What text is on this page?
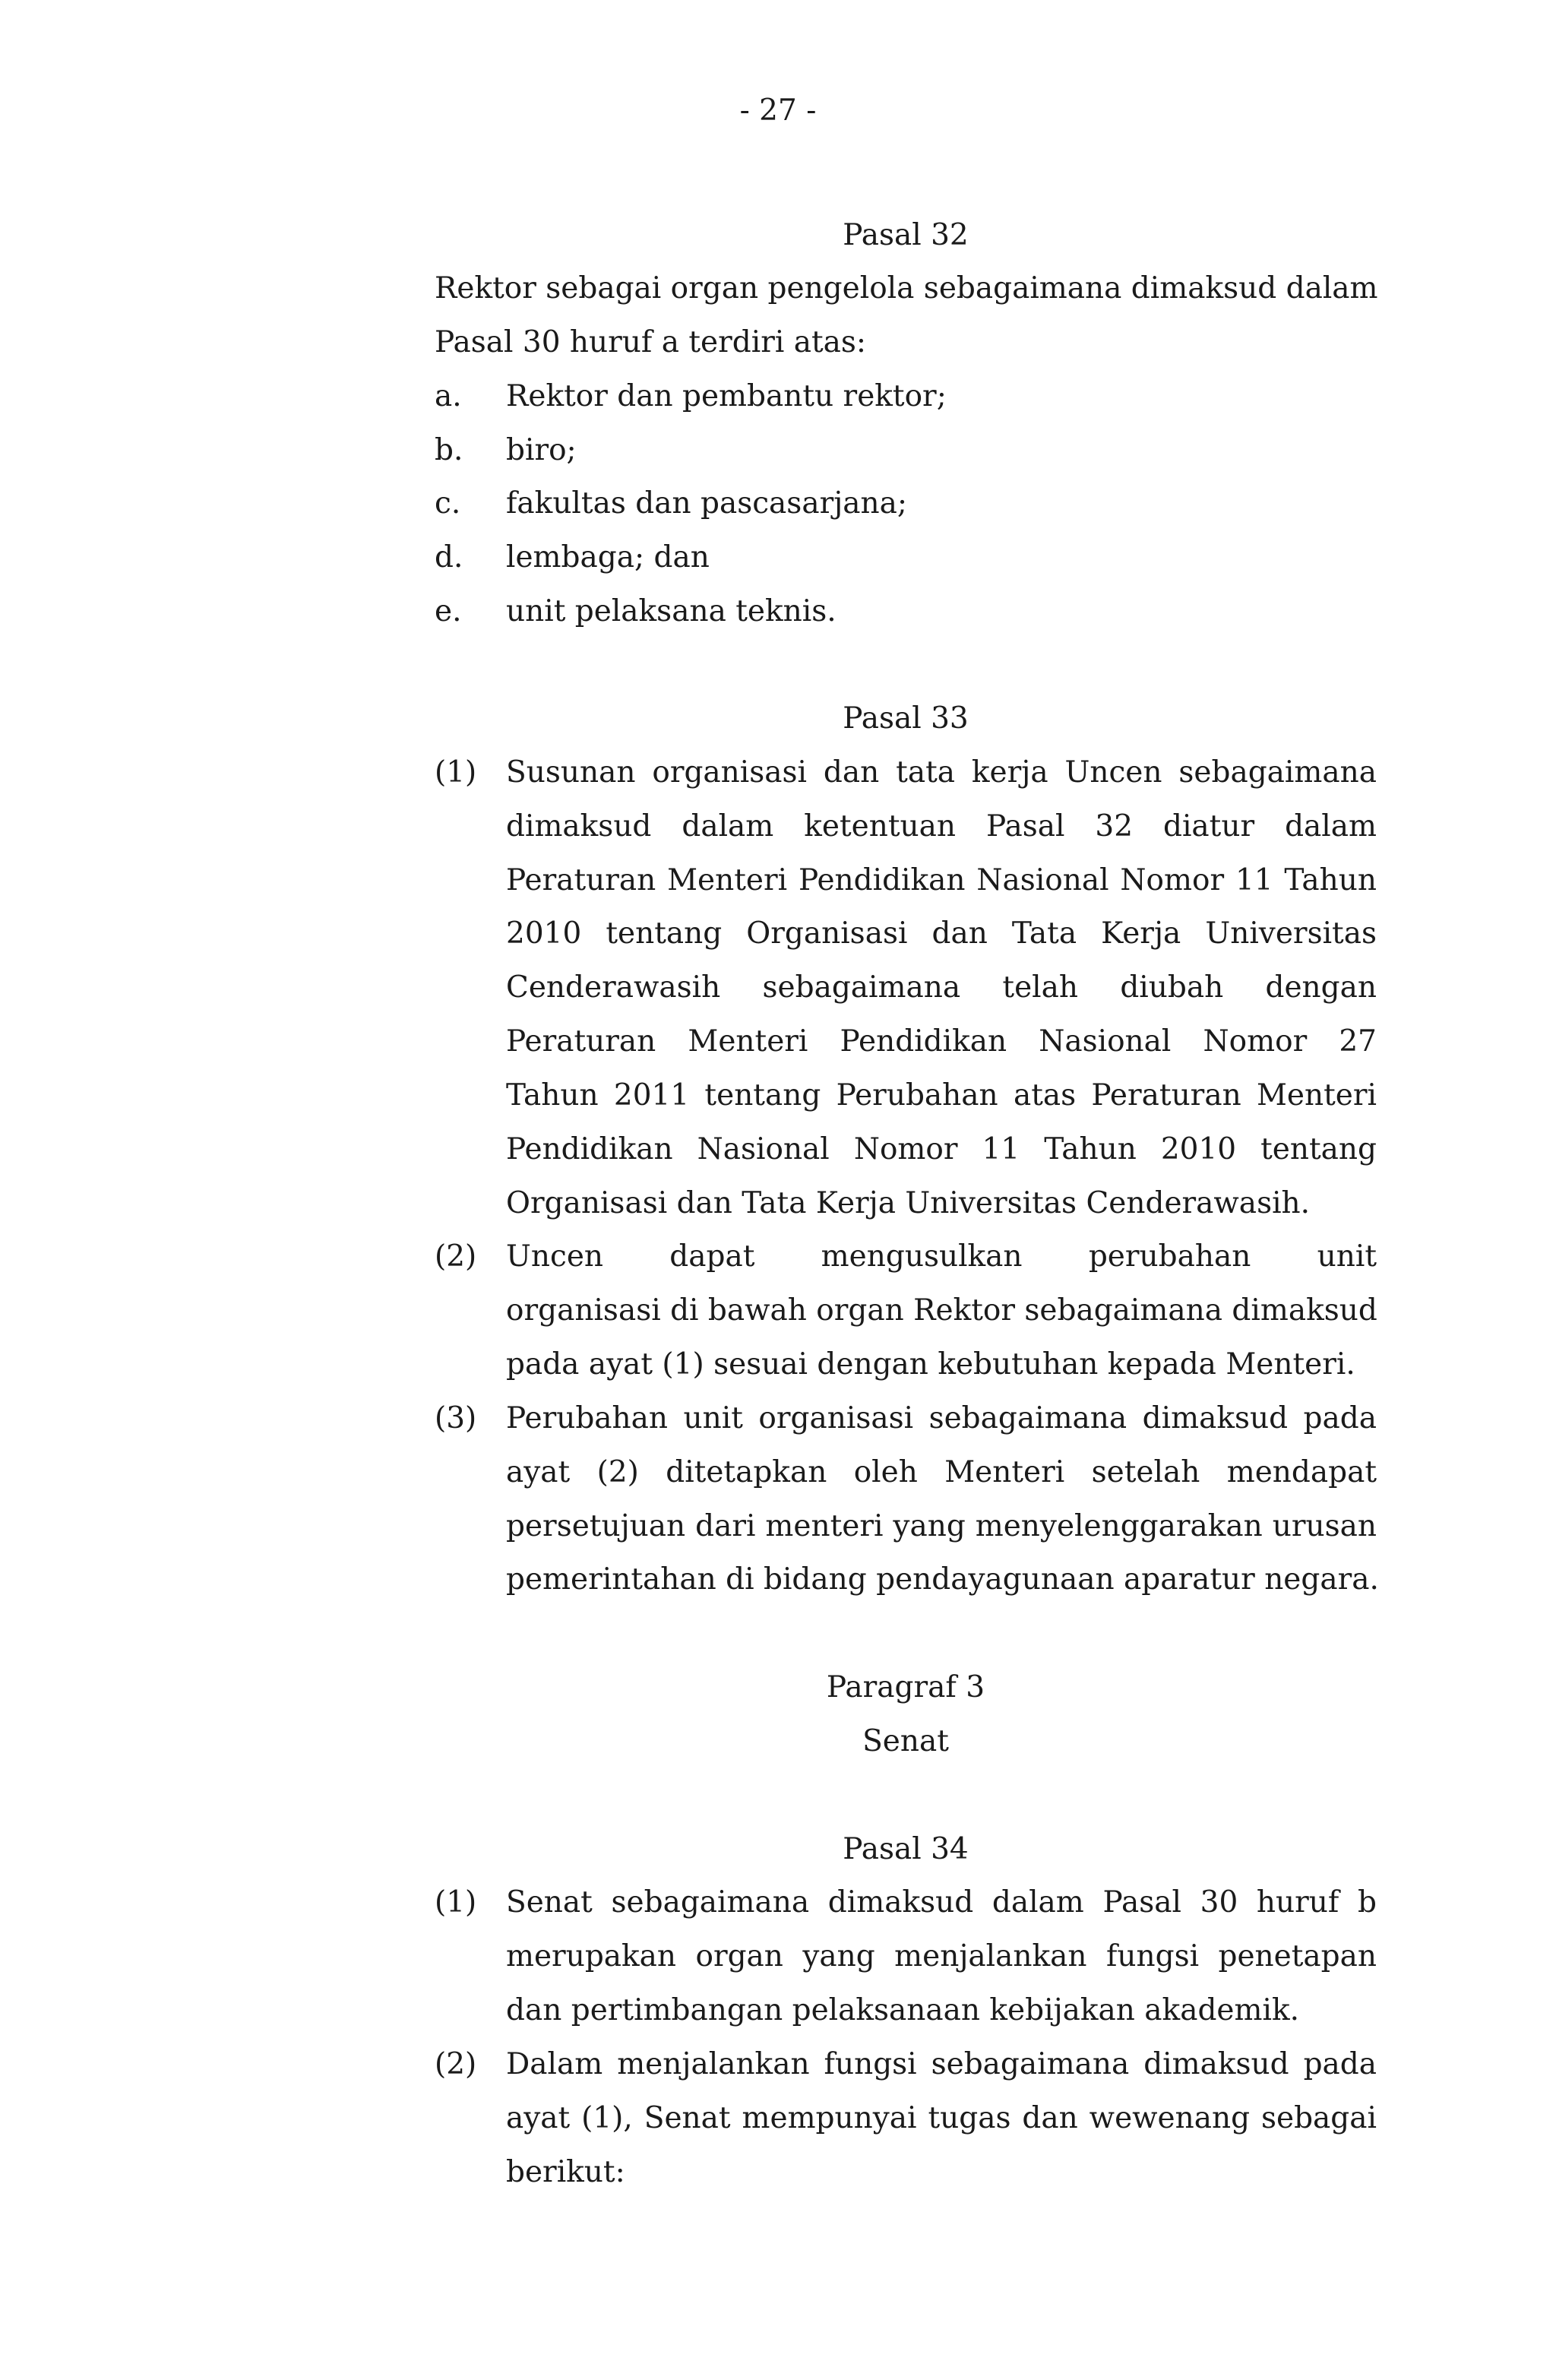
- 27 -
Pasal 32
Rektor sebagai organ pengelola sebagaimana dimaksud dalam
Pasal 30 huruf a terdiri atas:
a.	Rektor dan pembantu rektor;
b.	biro;
c.	fakultas dan pascasarjana;
d.	lembaga; dan
e.	unit pelaksana teknis.
Pasal 33
(1) Susunan organisasi dan tata kerja Uncen sebagaimana
dimaksud dalam ketentuan Pasal 32 diatur dalam
Peraturan Menteri Pendidikan Nasional Nomor 11 Tahun
2010 tentang Organisasi dan Tata Kerja Universitas
Cenderawasih sebagaimana telah diubah dengan
Peraturan Menteri Pendidikan Nasional Nomor 27
Tahun 2011 tentang Perubahan atas Peraturan Menteri
Pendidikan Nasional Nomor 11 Tahun 2010 tentang
Organisasi dan Tata Kerja Universitas Cenderawasih.
(2) Uncen dapat mengusulkan perubahan unit
organisasi di bawah organ Rektor sebagaimana dimaksud
pada ayat (1) sesuai dengan kebutuhan kepada Menteri.
(3) Perubahan unit organisasi sebagaimana dimaksud pada
ayat (2) ditetapkan oleh Menteri setelah mendapat
persetujuan dari menteri yang menyelenggarakan urusan
pemerintahan di bidang pendayagunaan aparatur negara.
Paragraf 3
Senat
Pasal 34
(1) Senat sebagaimana dimaksud dalam Pasal 30 huruf b
merupakan organ yang menjalankan fungsi penetapan
dan pertimbangan pelaksanaan kebijakan akademik.
(2) Dalam menjalankan fungsi sebagaimana dimaksud pada
ayat (1), Senat mempunyai tugas dan wewenang sebagai
berikut:
